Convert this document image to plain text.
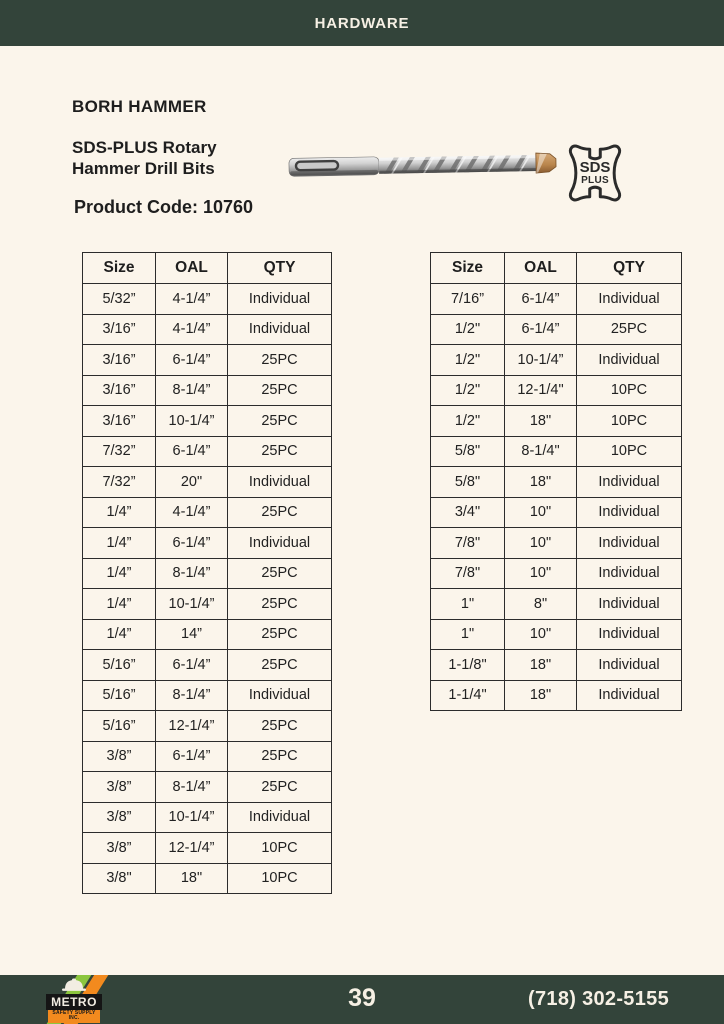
HARDWARE
BORH HAMMER
SDS-PLUS Rotary
Hammer Drill Bits
Product Code: 10760
SDS
PLUS
Size	OAL	QTY
5/32”	4-1/4”	Individual
3/16”	4-1/4”	Individual
3/16”	6-1/4”	25PC
3/16”	8-1/4”	25PC
3/16”	10-1/4”	25PC
7/32”	6-1/4”	25PC
7/32”	20"	Individual
1/4”	4-1/4”	25PC
1/4”	6-1/4”	Individual
1/4”	8-1/4”	25PC
1/4”	10-1/4”	25PC
1/4”	14”	25PC
5/16”	6-1/4”	25PC
5/16”	8-1/4”	Individual
5/16”	12-1/4”	25PC
3/8”	6-1/4”	25PC
3/8”	8-1/4”	25PC
3/8”	10-1/4”	Individual
3/8”	12-1/4”	10PC
3/8"	18"	10PC
Size	OAL	QTY
7/16”	6-1/4”	Individual
1/2"	6-1/4”	25PC
1/2"	10-1/4”	Individual
1/2"	12-1/4"	10PC
1/2"	18"	10PC
5/8"	8-1/4"	10PC
5/8"	18"	Individual
3/4"	10"	Individual
7/8"	10"	Individual
7/8"	10"	Individual
1"	8"	Individual
1"	10"	Individual
1-1/8"	18"	Individual
1-1/4"	18"	Individual
METRO
SAFETY SUPPLY INC.
39	(718) 302-5155
